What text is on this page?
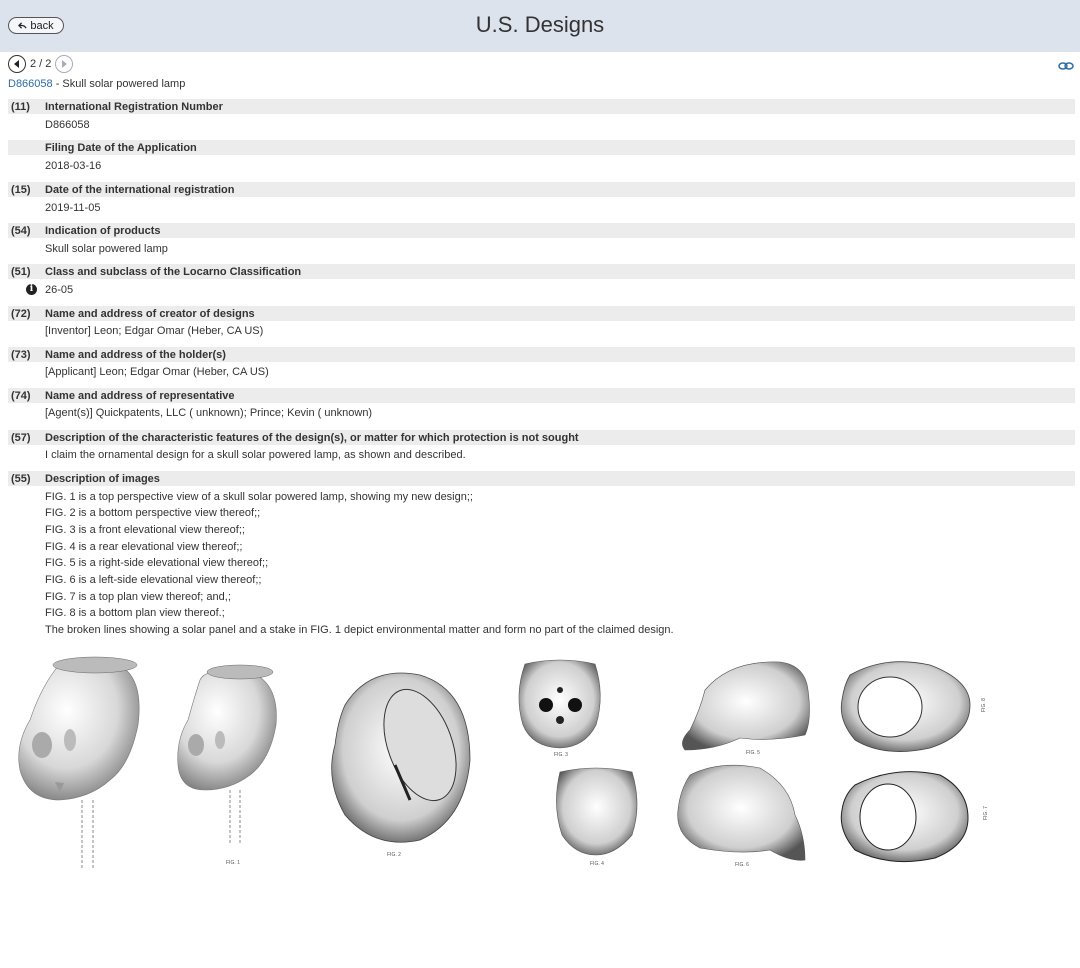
back	U.S. Designs
2 / 2
D866058 - Skull solar powered lamp
(11) International Registration Number
D866058
Filing Date of the Application
2018-03-16
(15) Date of the international registration
2019-11-05
(54) Indication of products
Skull solar powered lamp
(51) Class and subclass of the Locarno Classification
i	26-05
(72) Name and address of creator of designs
[Inventor] Leon; Edgar Omar (Heber, CA US)
(73) Name and address of the holder(s)
[Applicant] Leon; Edgar Omar (Heber, CA US)
(74) Name and address of representative
[Agent(s)] Quickpatents, LLC ( unknown); Prince; Kevin ( unknown)
(57) Description of the characteristic features of the design(s), or matter for which protection is not sought
I claim the ornamental design for a skull solar powered lamp, as shown and described.
(55) Description of images
FIG. 1 is a top perspective view of a skull solar powered lamp, showing my new design;;
FIG. 2 is a bottom perspective view thereof;;
FIG. 3 is a front elevational view thereof;;
FIG. 4 is a rear elevational view thereof;;
FIG. 5 is a right-side elevational view thereof;;
FIG. 6 is a left-side elevational view thereof;;
FIG. 7 is a top plan view thereof; and,;
FIG. 8 is a bottom plan view thereof.;
The broken lines showing a solar panel and a stake in FIG. 1 depict environmental matter and form no part of the claimed design.
FIG. 1
FIG. 2
FIG. 3
FIG. 4
FIG. 5
FIG. 6
FIG. 8
FIG. 7
